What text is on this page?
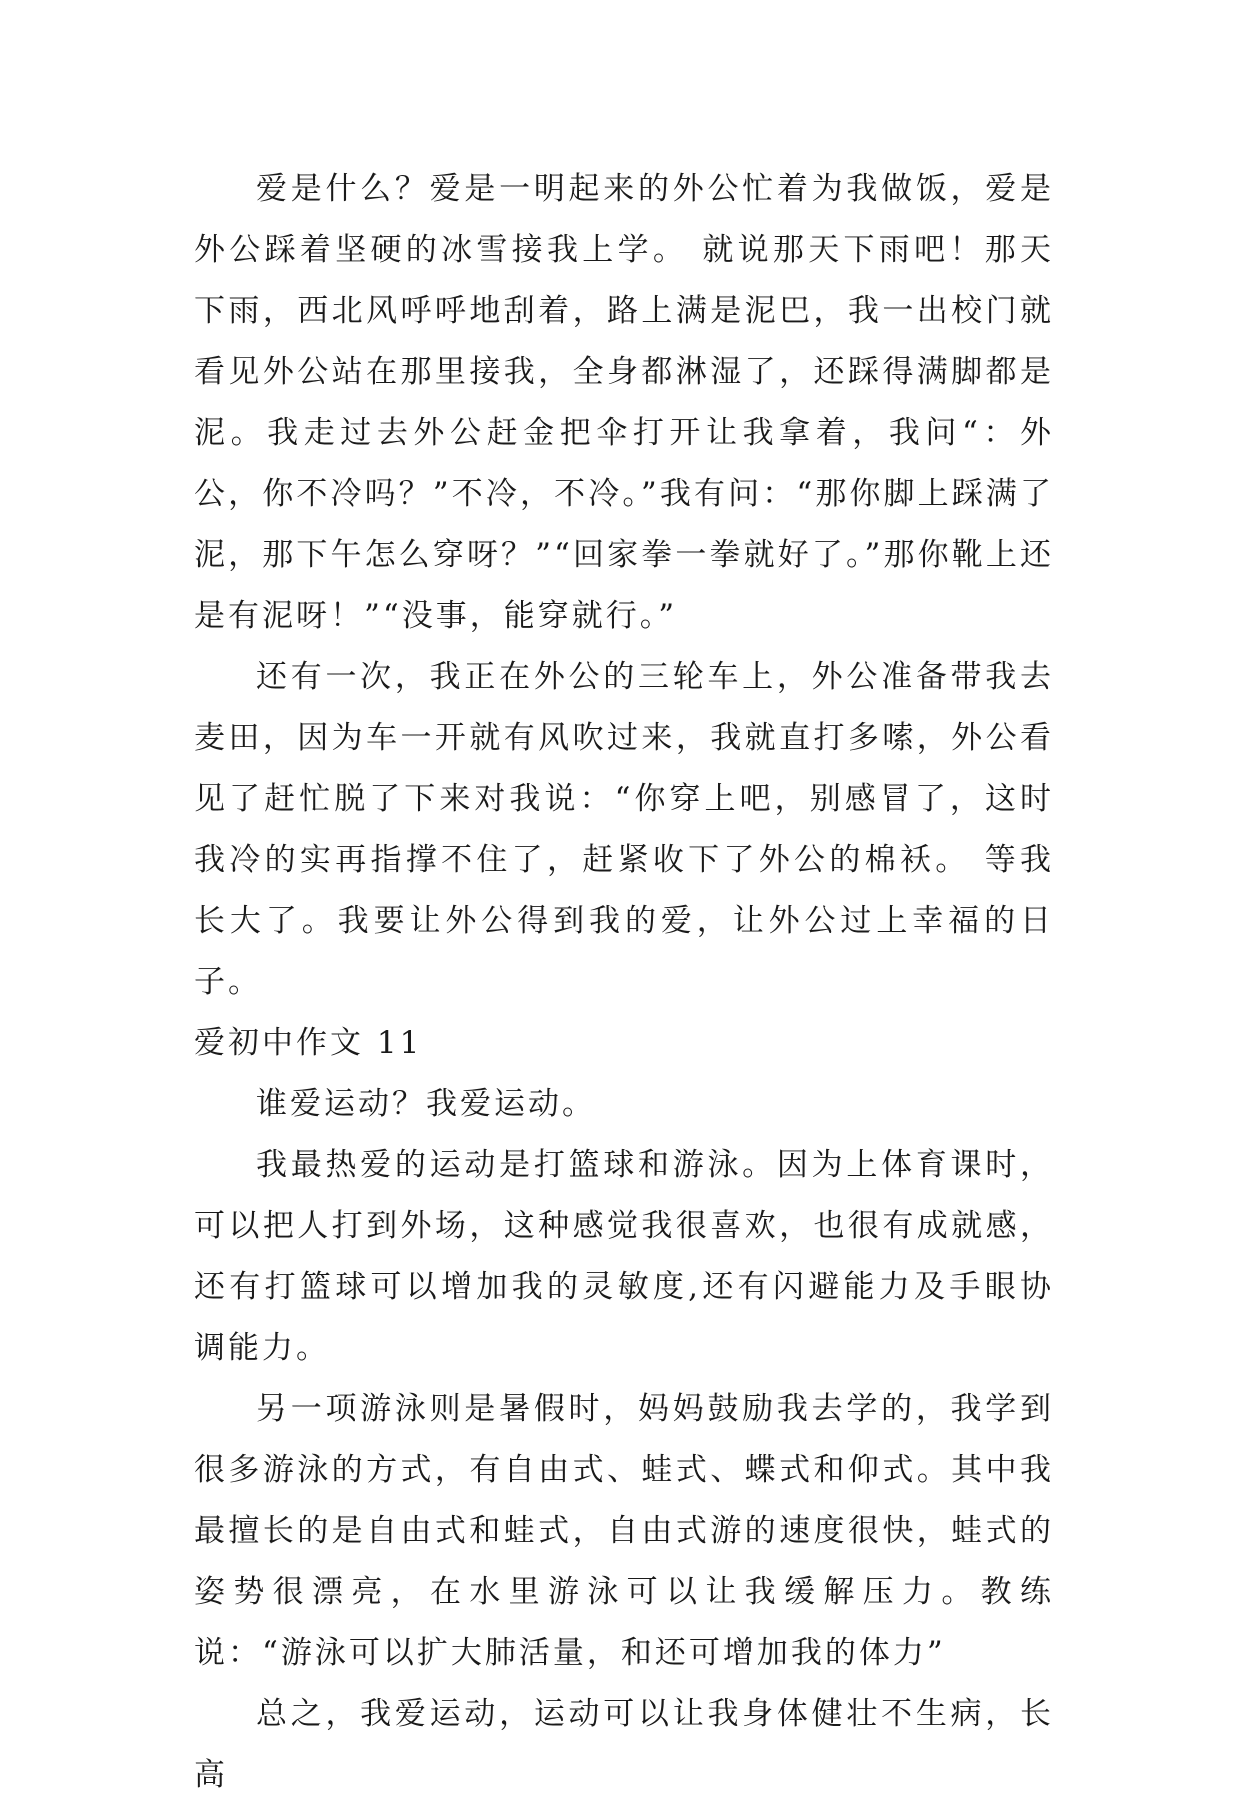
爱是什么？爱是一明起来的外公忙着为我做饭，爱是外公踩着坚硬的冰雪接我上学。 就说那天下雨吧！那天下雨，西北风呼呼地刮着，路上满是泥巴，我一出校门就看见外公站在那里接我，全身都淋湿了，还踩得满脚都是泥。我走过去外公赶金把伞打开让我拿着，我问“：外公，你不冷吗？”不冷，不冷。”我有问：“那你脚上踩满了泥，那下午怎么穿呀？”“回家拳一拳就好了。”那你靴上还是有泥呀！”“没事，能穿就行。”

还有一次，我正在外公的三轮车上，外公准备带我去麦田，因为车一开就有风吹过来，我就直打多嗦，外公看见了赶忙脱了下来对我说：“你穿上吧，别感冒了，这时我冷的实再指撑不住了，赶紧收下了外公的棉袄。 等我长大了。我要让外公得到我的爱，让外公过上幸福的日子。

爱初中作文 11

谁爱运动？我爱运动。

我最热爱的运动是打篮球和游泳。因为上体育课时，可以把人打到外场，这种感觉我很喜欢，也很有成就感，还有打篮球可以增加我的灵敏度,还有闪避能力及手眼协调能力。

另一项游泳则是暑假时，妈妈鼓励我去学的，我学到很多游泳的方式，有自由式、蛙式、蝶式和仰式。其中我最擅长的是自由式和蛙式，自由式游的速度很快，蛙式的姿势很漂亮，在水里游泳可以让我缓解压力。教练说：“游泳可以扩大肺活量，和还可增加我的体力”

总之，我爱运动，运动可以让我身体健壮不生病，长高
